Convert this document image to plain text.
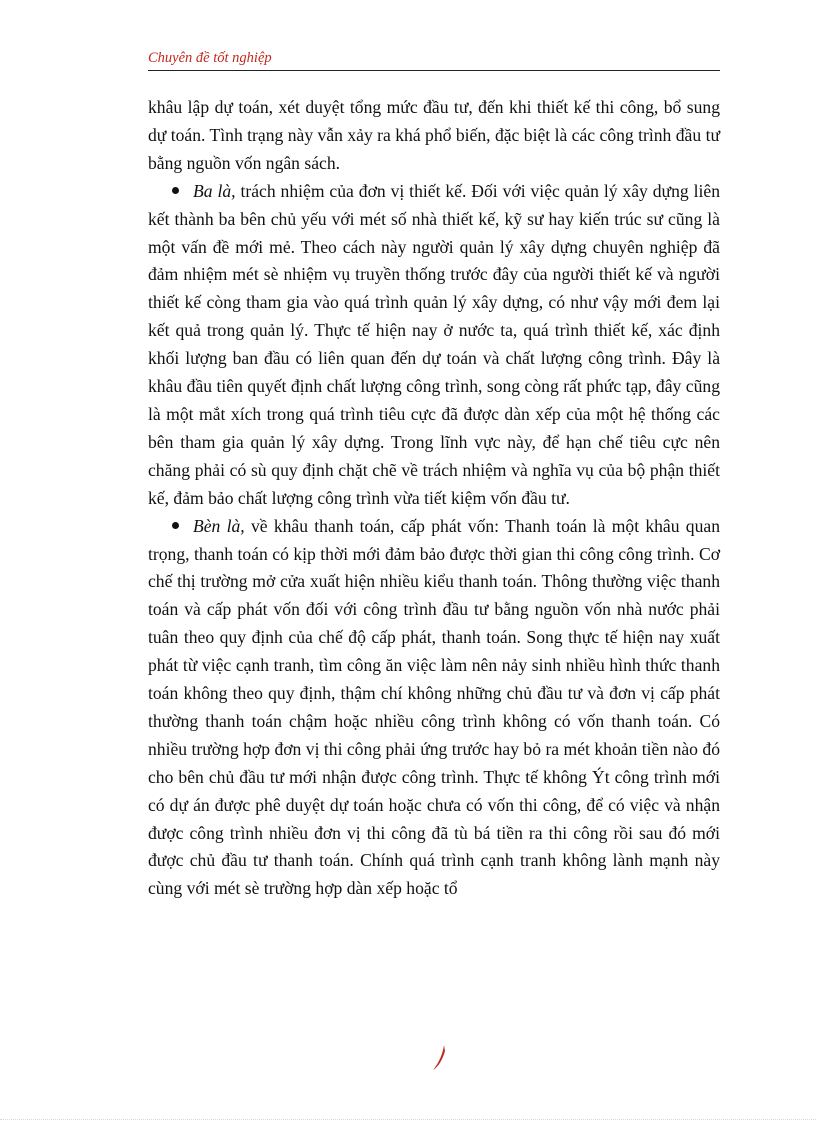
Chuyên đề tốt nghiệp

khâu lập dự toán, xét duyệt tổng mức đầu tư, đến khi thiết kế thi công, bổ sung dự toán. Tình trạng này vẫn xảy ra khá phổ biến, đặc biệt là các công trình đầu tư bằng nguồn vốn ngân sách.

Ba là, trách nhiệm của đơn vị thiết kế. Đối với việc quản lý xây dựng liên kết thành ba bên chủ yếu với mét số nhà thiết kế, kỹ sư hay kiến trúc sư cũng là một vấn đề mới mẻ. Theo cách này người quản lý xây dựng chuyên nghiệp đã đảm nhiệm mét sè nhiệm vụ truyền thống trước đây của người thiết kế và người thiết kế còng tham gia vào quá trình quản lý xây dựng, có như vậy mới đem lại kết quả trong quản lý. Thực tế hiện nay ở nước ta, quá trình thiết kế, xác định khối lượng ban đầu có liên quan đến dự toán và chất lượng công trình. Đây là khâu đầu tiên quyết định chất lượng công trình, song còng rất phức tạp, đây cũng là một mắt xích trong quá trình tiêu cực đã được dàn xếp của một hệ thống các bên tham gia quản lý xây dựng. Trong lĩnh vực này, để hạn chế tiêu cực nên chăng phải có sù quy định chặt chẽ về trách nhiệm và nghĩa vụ của bộ phận thiết kế, đảm bảo chất lượng công trình vừa tiết kiệm vốn đầu tư.

Bèn là, về khâu thanh toán, cấp phát vốn: Thanh toán là một khâu quan trọng, thanh toán có kịp thời mới đảm bảo được thời gian thi công công trình. Cơ chế thị trường mở cửa xuất hiện nhiều kiểu thanh toán. Thông thường việc thanh toán và cấp phát vốn đối với công trình đầu tư bằng nguồn vốn nhà nước phải tuân theo quy định của chế độ cấp phát, thanh toán. Song thực tế hiện nay xuất phát từ việc cạnh tranh, tìm công ăn việc làm nên nảy sinh nhiều hình thức thanh toán không theo quy định, thậm chí không những chủ đầu tư và đơn vị cấp phát thường thanh toán chậm hoặc nhiều công trình không có vốn thanh toán. Có nhiều trường hợp đơn vị thi công phải ứng trước hay bỏ ra mét khoản tiền nào đó cho bên chủ đầu tư mới nhận được công trình. Thực tế không Ýt công trình mới có dự án được phê duyệt dự toán hoặc chưa có vốn thi công, để có việc và nhận được công trình nhiều đơn vị thi công đã tù bá tiền ra thi công rồi sau đó mới được chủ đầu tư thanh toán. Chính quá trình cạnh tranh không lành mạnh này cùng với mét sè trường hợp dàn xếp hoặc tổ
